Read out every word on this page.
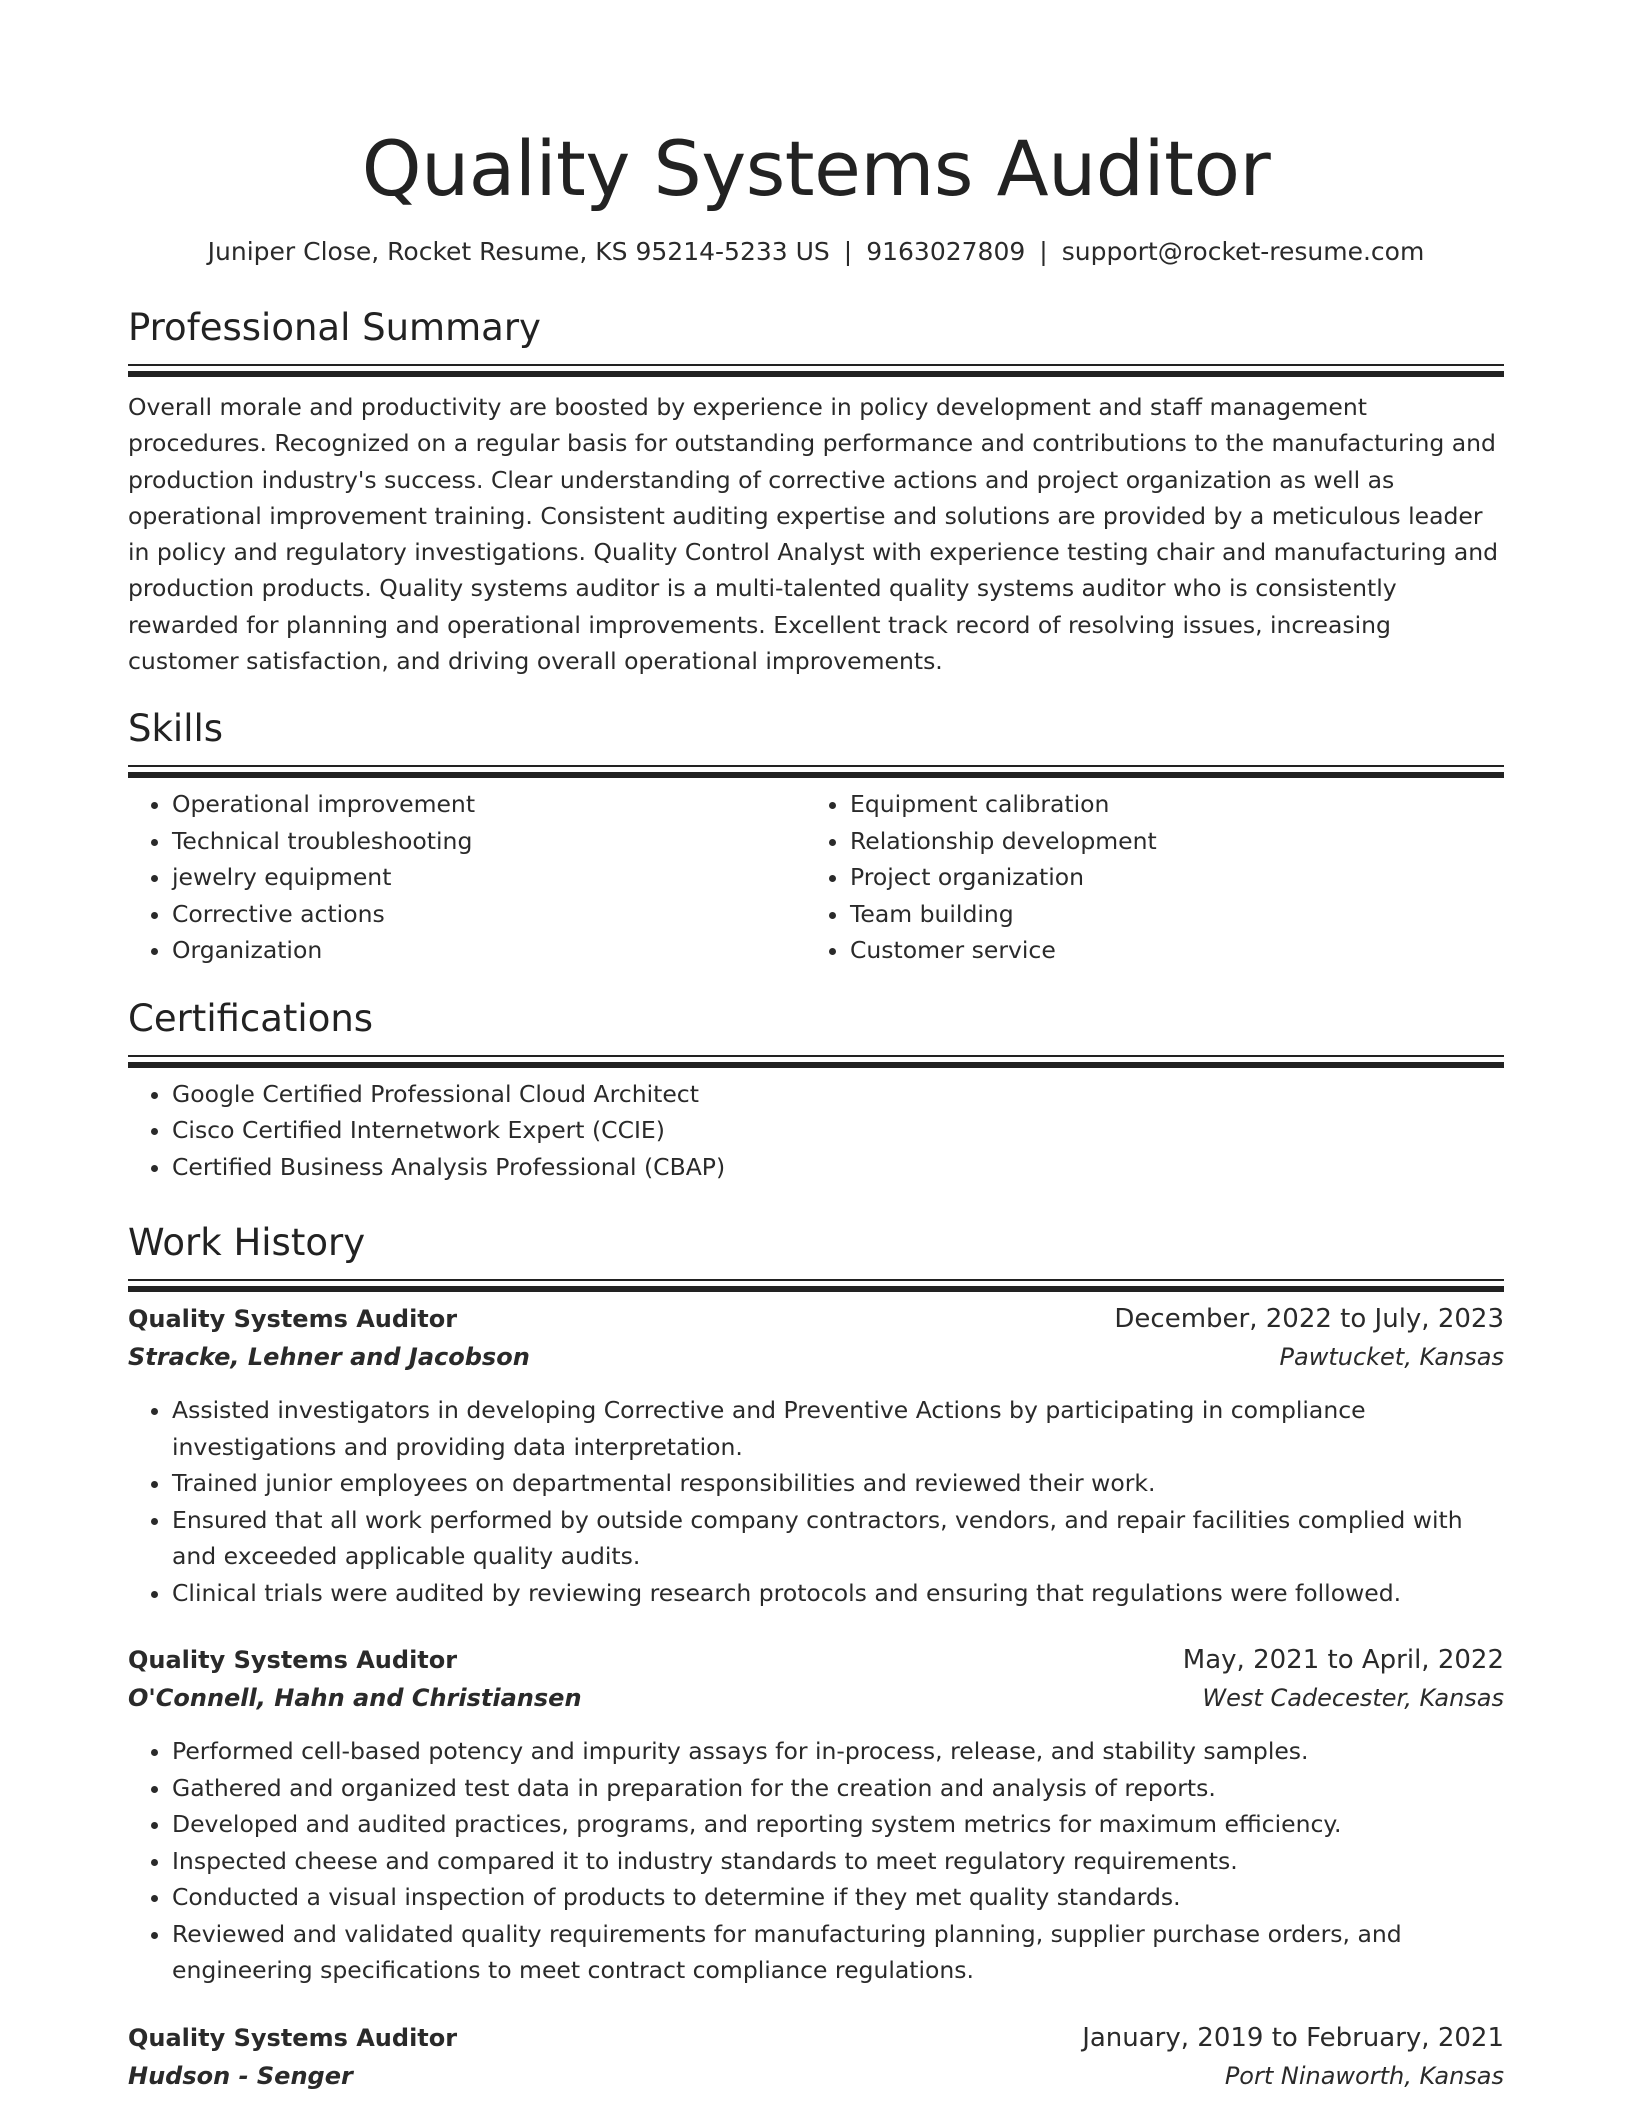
Quality Systems Auditor
Juniper Close, Rocket Resume, KS 95214-5233 US | 9163027809 | support@rocket-resume.com
Professional Summary

Overall morale and productivity are boosted by experience in policy development and staff management procedures. Recognized on a regular basis for outstanding performance and contributions to the manufacturing and production industry's success. Clear understanding of corrective actions and project organization as well as operational improvement training. Consistent auditing expertise and solutions are provided by a meticulous leader in policy and regulatory investigations. Quality Control Analyst with experience testing chair and manufacturing and production products. Quality systems auditor is a multi-talented quality systems auditor who is consistently rewarded for planning and operational improvements. Excellent track record of resolving issues, increasing customer satisfaction, and driving overall operational improvements.

Skills
• Operational improvement
• Technical troubleshooting
• jewelry equipment
• Corrective actions
• Organization
• Equipment calibration
• Relationship development
• Project organization
• Team building
• Customer service
Certifications
• Google Certified Professional Cloud Architect
• Cisco Certified Internetwork Expert (CCIE)
• Certified Business Analysis Professional (CBAP)
Work History
Quality Systems Auditor	December, 2022 to July, 2023
Stracke, Lehner and Jacobson	Pawtucket, Kansas
• Assisted investigators in developing Corrective and Preventive Actions by participating in compliance investigations and providing data interpretation.
• Trained junior employees on departmental responsibilities and reviewed their work.
• Ensured that all work performed by outside company contractors, vendors, and repair facilities complied with and exceeded applicable quality audits.
• Clinical trials were audited by reviewing research protocols and ensuring that regulations were followed.
Quality Systems Auditor	May, 2021 to April, 2022
O'Connell, Hahn and Christiansen	West Cadecester, Kansas
• Performed cell-based potency and impurity assays for in-process, release, and stability samples.
• Gathered and organized test data in preparation for the creation and analysis of reports.
• Developed and audited practices, programs, and reporting system metrics for maximum efficiency.
• Inspected cheese and compared it to industry standards to meet regulatory requirements.
• Conducted a visual inspection of products to determine if they met quality standards.
• Reviewed and validated quality requirements for manufacturing planning, supplier purchase orders, and engineering specifications to meet contract compliance regulations.
Quality Systems Auditor	January, 2019 to February, 2021
Hudson - Senger	Port Ninaworth, Kansas
